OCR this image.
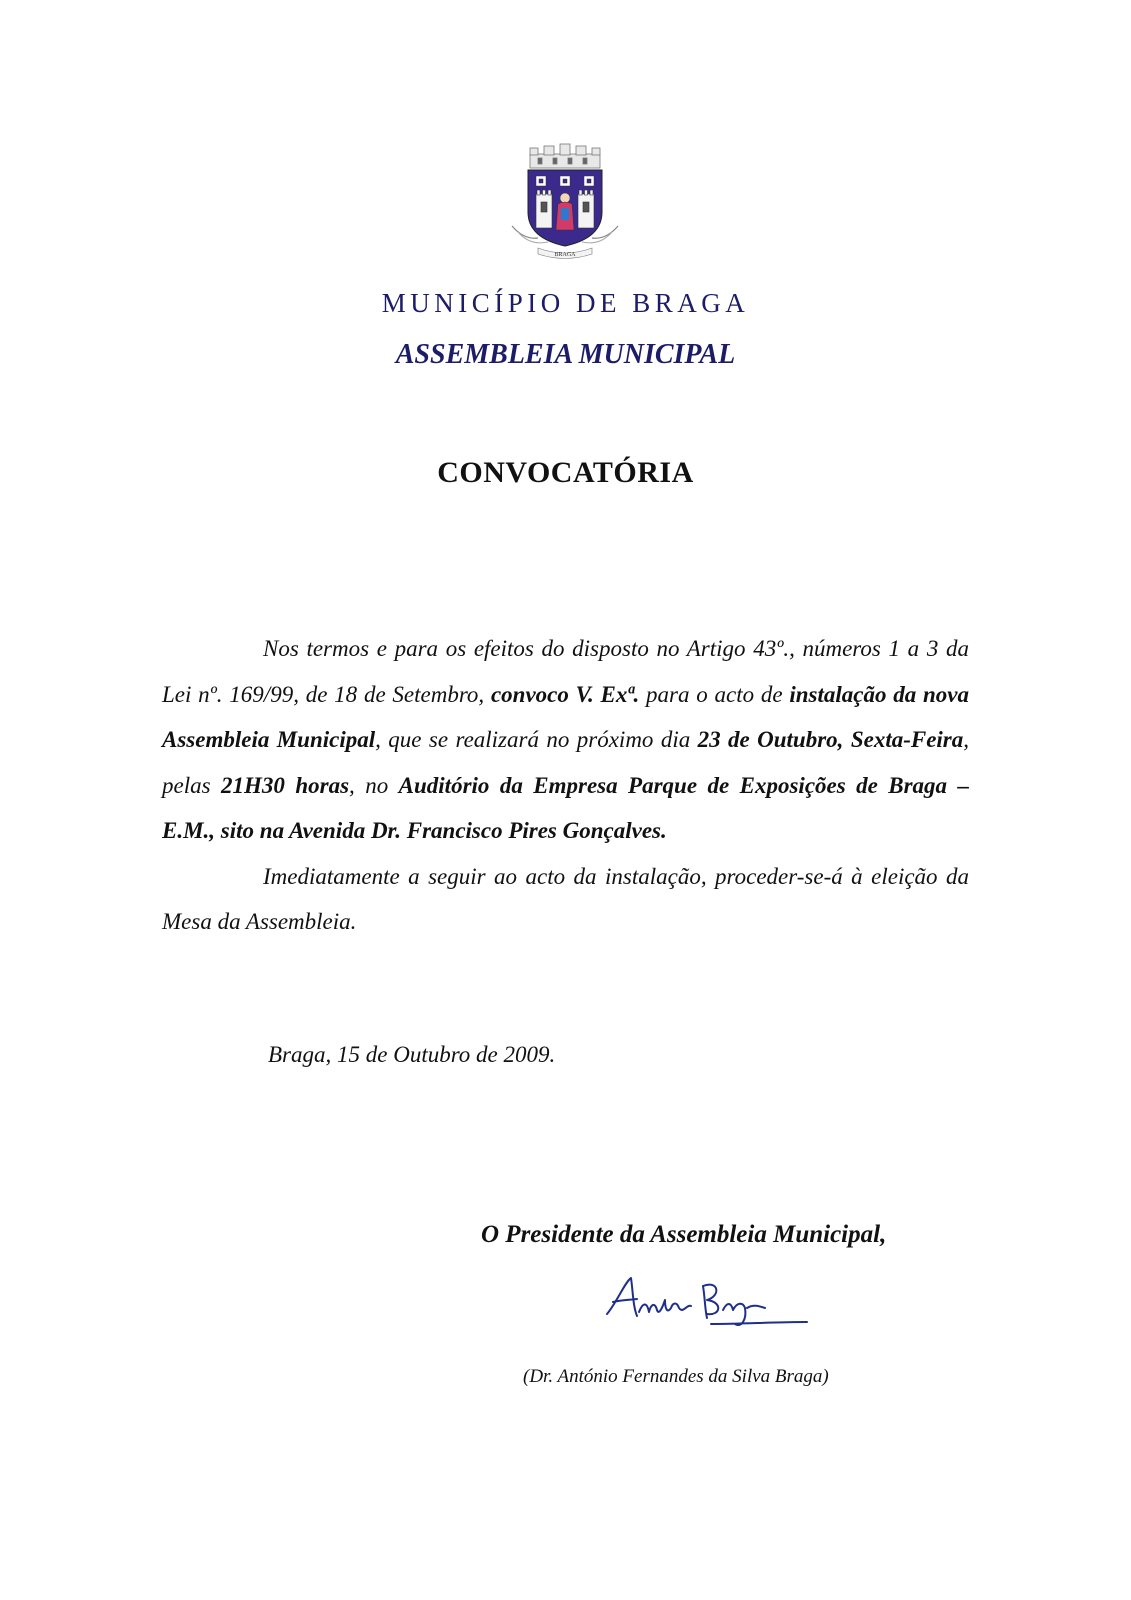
BRAGA
MUNICÍPIO DE BRAGA
ASSEMBLEIA MUNICIPAL
CONVOCATÓRIA

Nos termos e para os efeitos do disposto no Artigo 43º., números 1 a 3 da Lei nº. 169/99, de 18 de Setembro, convoco V. Exª. para o acto de instalação da nova Assembleia Municipal, que se realizará no próximo dia 23 de Outubro, Sexta-Feira, pelas 21H30 horas, no Auditório da Empresa Parque de Exposições de Braga – E.M., sito na Avenida Dr. Francisco Pires Gonçalves.

Imediatamente a seguir ao acto da instalação, proceder-se-á à eleição da Mesa da Assembleia.

Braga, 15 de Outubro de 2009.
O Presidente da Assembleia Municipal,
(Dr. António Fernandes da Silva Braga)
